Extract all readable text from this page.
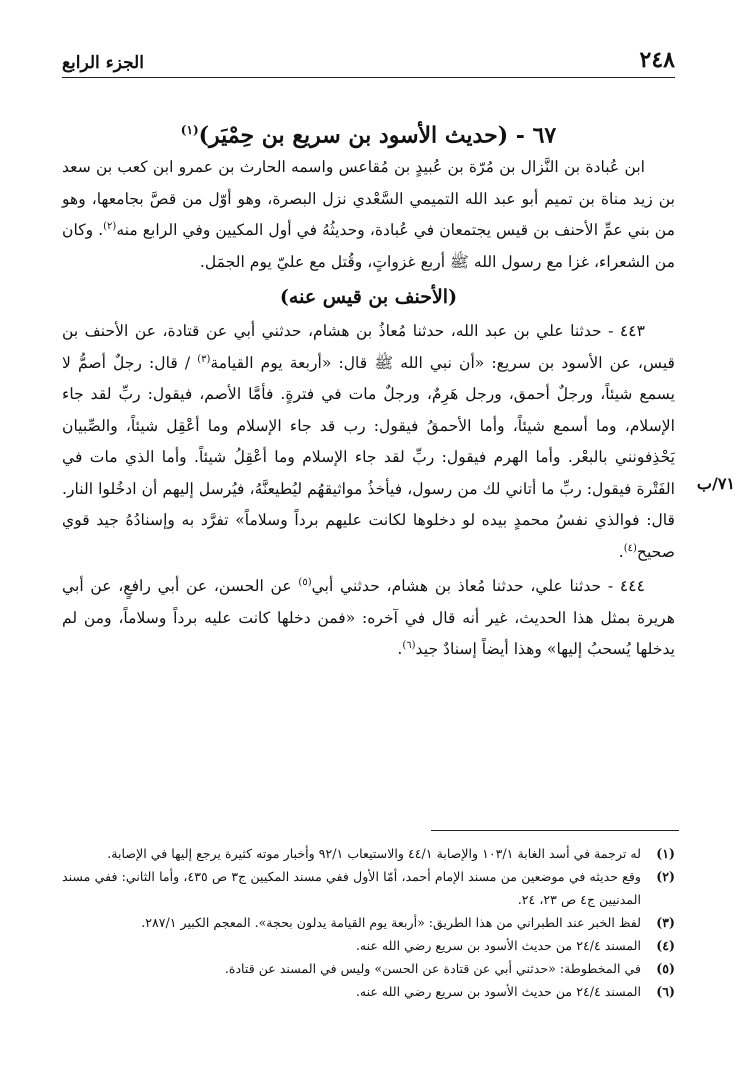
٢٤٨
الجزء الرابع
٦٧ - (حديث الأسود بن سريع بن حِمْيَر)$^{(١)}$

ابن عُبادة بن النَّزال بن مُرّة بن عُبيدٍ بن مُقاعس واسمه الحارث بن عمرو ابن كعب بن سعد بن زيد مناة بن تميم أبو عبد الله التميمي السَّعْدي نزل البصرة، وهو أوّل من قصَّ بجامعها، وهو من بني عمِّ الأحنف بن قيس يجتمعان في عُبادة، وحديثُهُ في أول المكيين وفي الرابع منه$^{(٢)}$. وكان من الشعراء، غزا مع رسول الله ﷺ أربع غزواتٍ، وقُتل مع عليّ يوم الجمَل.

(الأحنف بن قيس عنه)

٤٤٣ - حدثنا علي بن عبد الله، حدثنا مُعاذُ بن هشام، حدثني أبي عن قتادة، عن الأحنف بن قيس، عن الأسود بن سريع: «أن نبي الله ﷺ قال: «أربعة يوم القيامة$^{(٣)}$ / قال: رجلٌ أصمُّ لا يسمع شيئاً، ورجلٌ أحمق، ورجل هَرِمٌ، ورجلٌ مات في فترةٍ. فأمَّا الأصم، فيقول: ربِّ لقد جاء الإسلام، وما أسمع شيئاً، وأما الأحمقُ فيقول: رب قد جاء الإسلام وما أعْقِل شيئاً، والصِّبيان يَحْذِفونني بالبعْر. وأما الهرم فيقول: ربِّ لقد جاء الإسلام وما أعْقِلُ شيئاً. وأما الذي مات في الفَتْرة فيقول: ربِّ ما أتاني لك من رسول، فيأخذُ مواثيقهُم ليُطيعنَّهُ، فيُرسل إليهم أن ادخُلوا النار. قال: فوالذي نفسُ محمدٍ بيده لو دخلوها لكانت عليهم برداً وسلاماً» تفرَّد به وإسنادُهُ جيد قوي صحيح$^{(٤)}$.

٤٤٤ - حدثنا علي، حدثنا مُعاذ بن هشام، حدثني أبي$^{(٥)}$ عن الحسن، عن أبي رافعٍ، عن أبي هريرة بمثل هذا الحديث، غير أنه قال في آخره: «فمن دخلها كانت عليه برداً وسلاماً، ومن لم يدخلها يُسحبُ إليها» وهذا أيضاً إسنادٌ جيد$^{(٦)}$.

٧١/ب
(١)
له ترجمة في أسد الغابة ١٠٣/١ والإصابة ٤٤/١ والاستيعاب ٩٢/١ وأخبار موته كثيرة يرجع إليها في الإصابة.
(٢)
وقع حديثه في موضعين من مسند الإمام أحمد، أمّا الأول ففي مسند المكيين ج٣ ص ٤٣٥، وأما الثاني: ففي مسند المدنيين ج٤ ص ٢٣، ٢٤.
(٣)
لفظ الخبر عند الطبراني من هذا الطريق: «أربعة يوم القيامة يدلون بحجة». المعجم الكبير ٢٨٧/١.
(٤)
المسند ٢٤/٤ من حديث الأسود بن سريع رضي الله عنه.
(٥)
في المخطوطة: «حدثني أبي عن قتادة عن الحسن» وليس في المسند عن قتادة.
(٦)
المسند ٢٤/٤ من حديث الأسود بن سريع رضي الله عنه.
